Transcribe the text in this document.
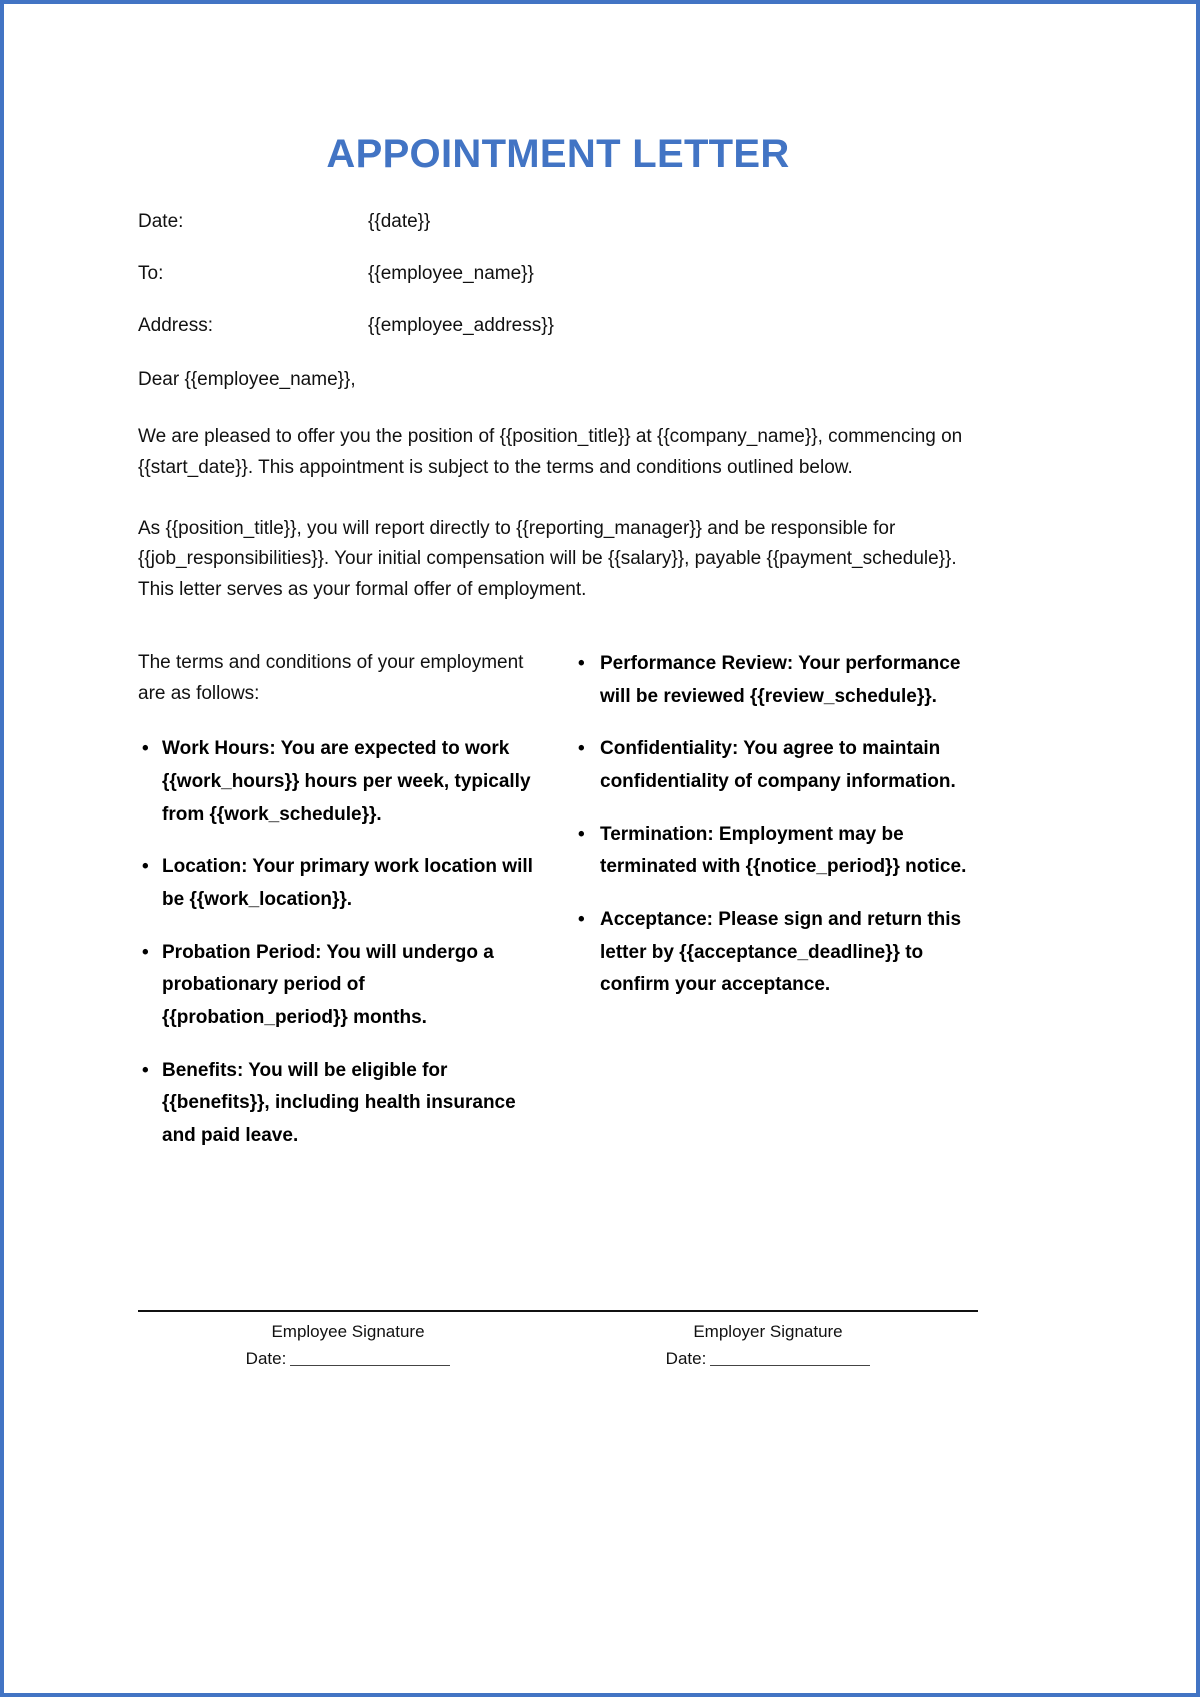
APPOINTMENT LETTER
Date:	{{date}}
To:	{{employee_name}}
Address:	{{employee_address}}

Dear {{employee_name}},

We are pleased to offer you the position of {{position_title}} at {{company_name}}, commencing on {{start_date}}. This appointment is subject to the terms and conditions outlined below.

As {{position_title}}, you will report directly to {{reporting_manager}} and be responsible for {{job_responsibilities}}. Your initial compensation will be {{salary}}, payable {{payment_schedule}}. This letter serves as your formal offer of employment.

The terms and conditions of your employment are as follows:

• Work Hours: You are expected to work {{work_hours}} hours per week, typically from {{work_schedule}}.
• Location: Your primary work location will be {{work_location}}.
• Probation Period: You will undergo a probationary period of {{probation_period}} months.
• Benefits: You will be eligible for {{benefits}}, including health insurance and paid leave.
• Performance Review: Your performance will be reviewed {{review_schedule}}.
• Confidentiality: You agree to maintain confidentiality of company information.
• Termination: Employment may be terminated with {{notice_period}} notice.
• Acceptance: Please sign and return this letter by {{acceptance_deadline}} to confirm your acceptance.
Employee Signature
Date:
Employer Signature
Date:
